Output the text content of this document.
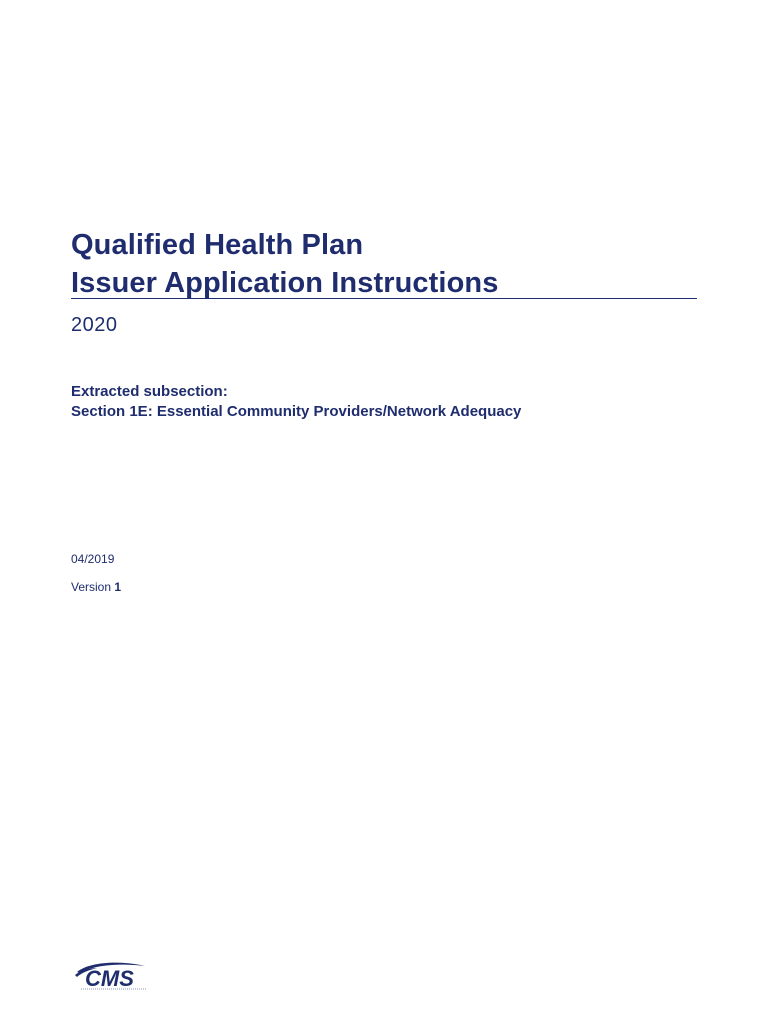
Qualified Health Plan
Issuer Application Instructions
2020
Extracted subsection:
Section 1E: Essential Community Providers/Network Adequacy
04/2019
Version 1
CMS
